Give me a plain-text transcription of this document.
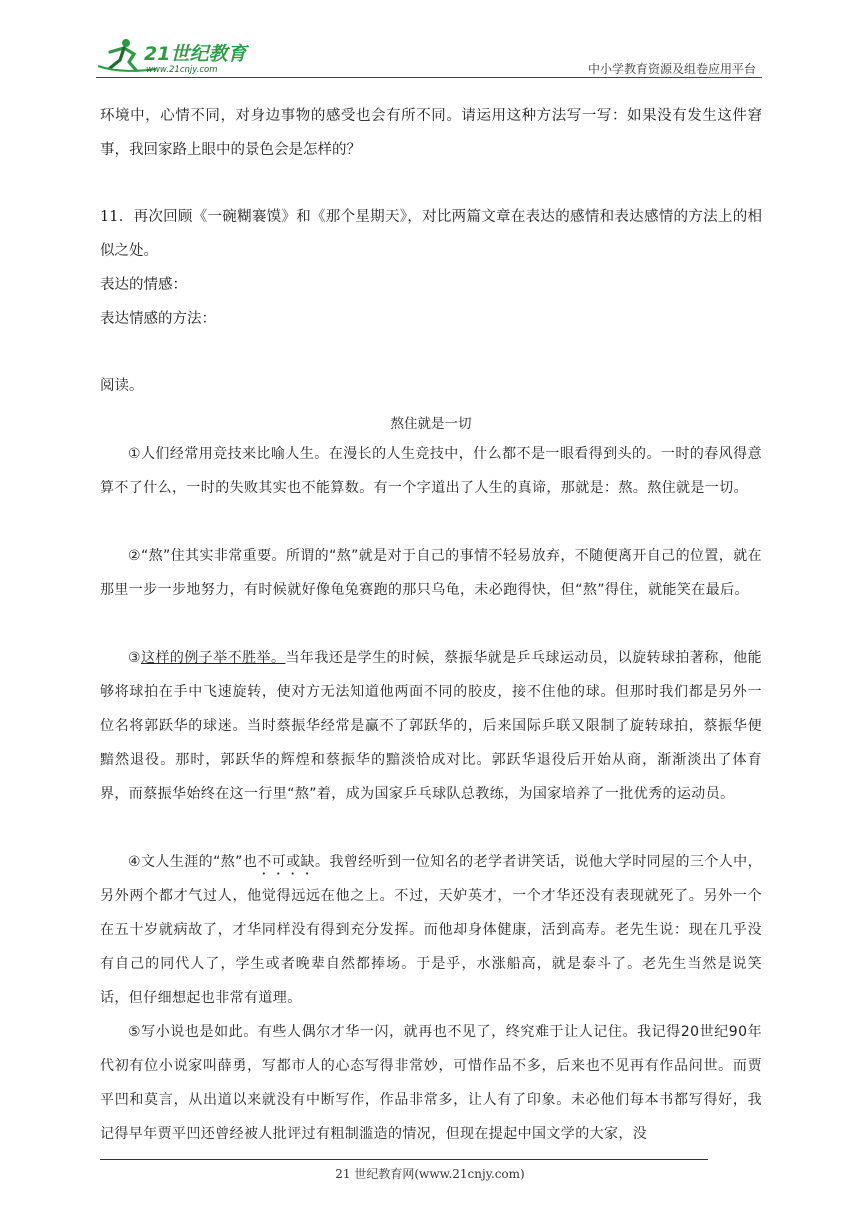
21世纪教育
www.21cnjy.com	中小学教育资源及组卷应用平台

环境中，心情不同，对身边事物的感受也会有所不同。请运用这种方法写一写：如果没有发生这件窘事，我回家路上眼中的景色会是怎样的？

11．再次回顾《一碗糊褰馍》和《那个星期天》，对比两篇文章在表达的感情和表达感情的方法上的相似之处。

表达的情感：

表达情感的方法：

阅读。

熬住就是一切

①人们经常用竞技来比喻人生。在漫长的人生竞技中，什么都不是一眼看得到头的。一时的春风得意算不了什么，一时的失败其实也不能算数。有一个字道出了人生的真谛，那就是：熬。熬住就是一切。

②“熬”住其实非常重要。所谓的“熬”就是对于自己的事情不轻易放弃，不随便离开自己的位置，就在那里一步一步地努力，有时候就好像龟兔赛跑的那只乌龟，未必跑得快，但“熬”得住，就能笑在最后。

③这样的例子举不胜举。当年我还是学生的时候，蔡振华就是乒乓球运动员，以旋转球拍著称，他能够将球拍在手中飞速旋转，使对方无法知道他两面不同的胶皮，接不住他的球。但那时我们都是另外一位名将郭跃华的球迷。当时蔡振华经常是赢不了郭跃华的，后来国际乒联又限制了旋转球拍，蔡振华便黯然退役。那时，郭跃华的辉煌和蔡振华的黯淡恰成对比。郭跃华退役后开始从商，渐渐淡出了体育界，而蔡振华始终在这一行里“熬”着，成为国家乒乓球队总教练，为国家培养了一批优秀的运动员。

④文人生涯的“熬”也不可或缺。我曾经听到一位知名的老学者讲笑话，说他大学时同屋的三个人中，另外两个都才气过人，他觉得远远在他之上。不过，天妒英才，一个才华还没有表现就死了。另外一个在五十岁就病故了，才华同样没有得到充分发挥。而他却身体健康，活到高寿。老先生说：现在几乎没有自己的同代人了，学生或者晚辈自然都捧场。于是乎，水涨船高，就是泰斗了。老先生当然是说笑话，但仔细想起也非常有道理。

⑤写小说也是如此。有些人偶尔才华一闪，就再也不见了，终究难于让人记住。我记得20世纪90年代初有位小说家叫薛勇，写都市人的心态写得非常妙，可惜作品不多，后来也不见再有作品问世。而贾平凹和莫言，从出道以来就没有中断写作，作品非常多，让人有了印象。未必他们每本书都写得好，我记得早年贾平凹还曾经被人批评过有粗制滥造的情况，但现在提起中国文学的大家，没

21 世纪教育网(www.21cnjy.com)
